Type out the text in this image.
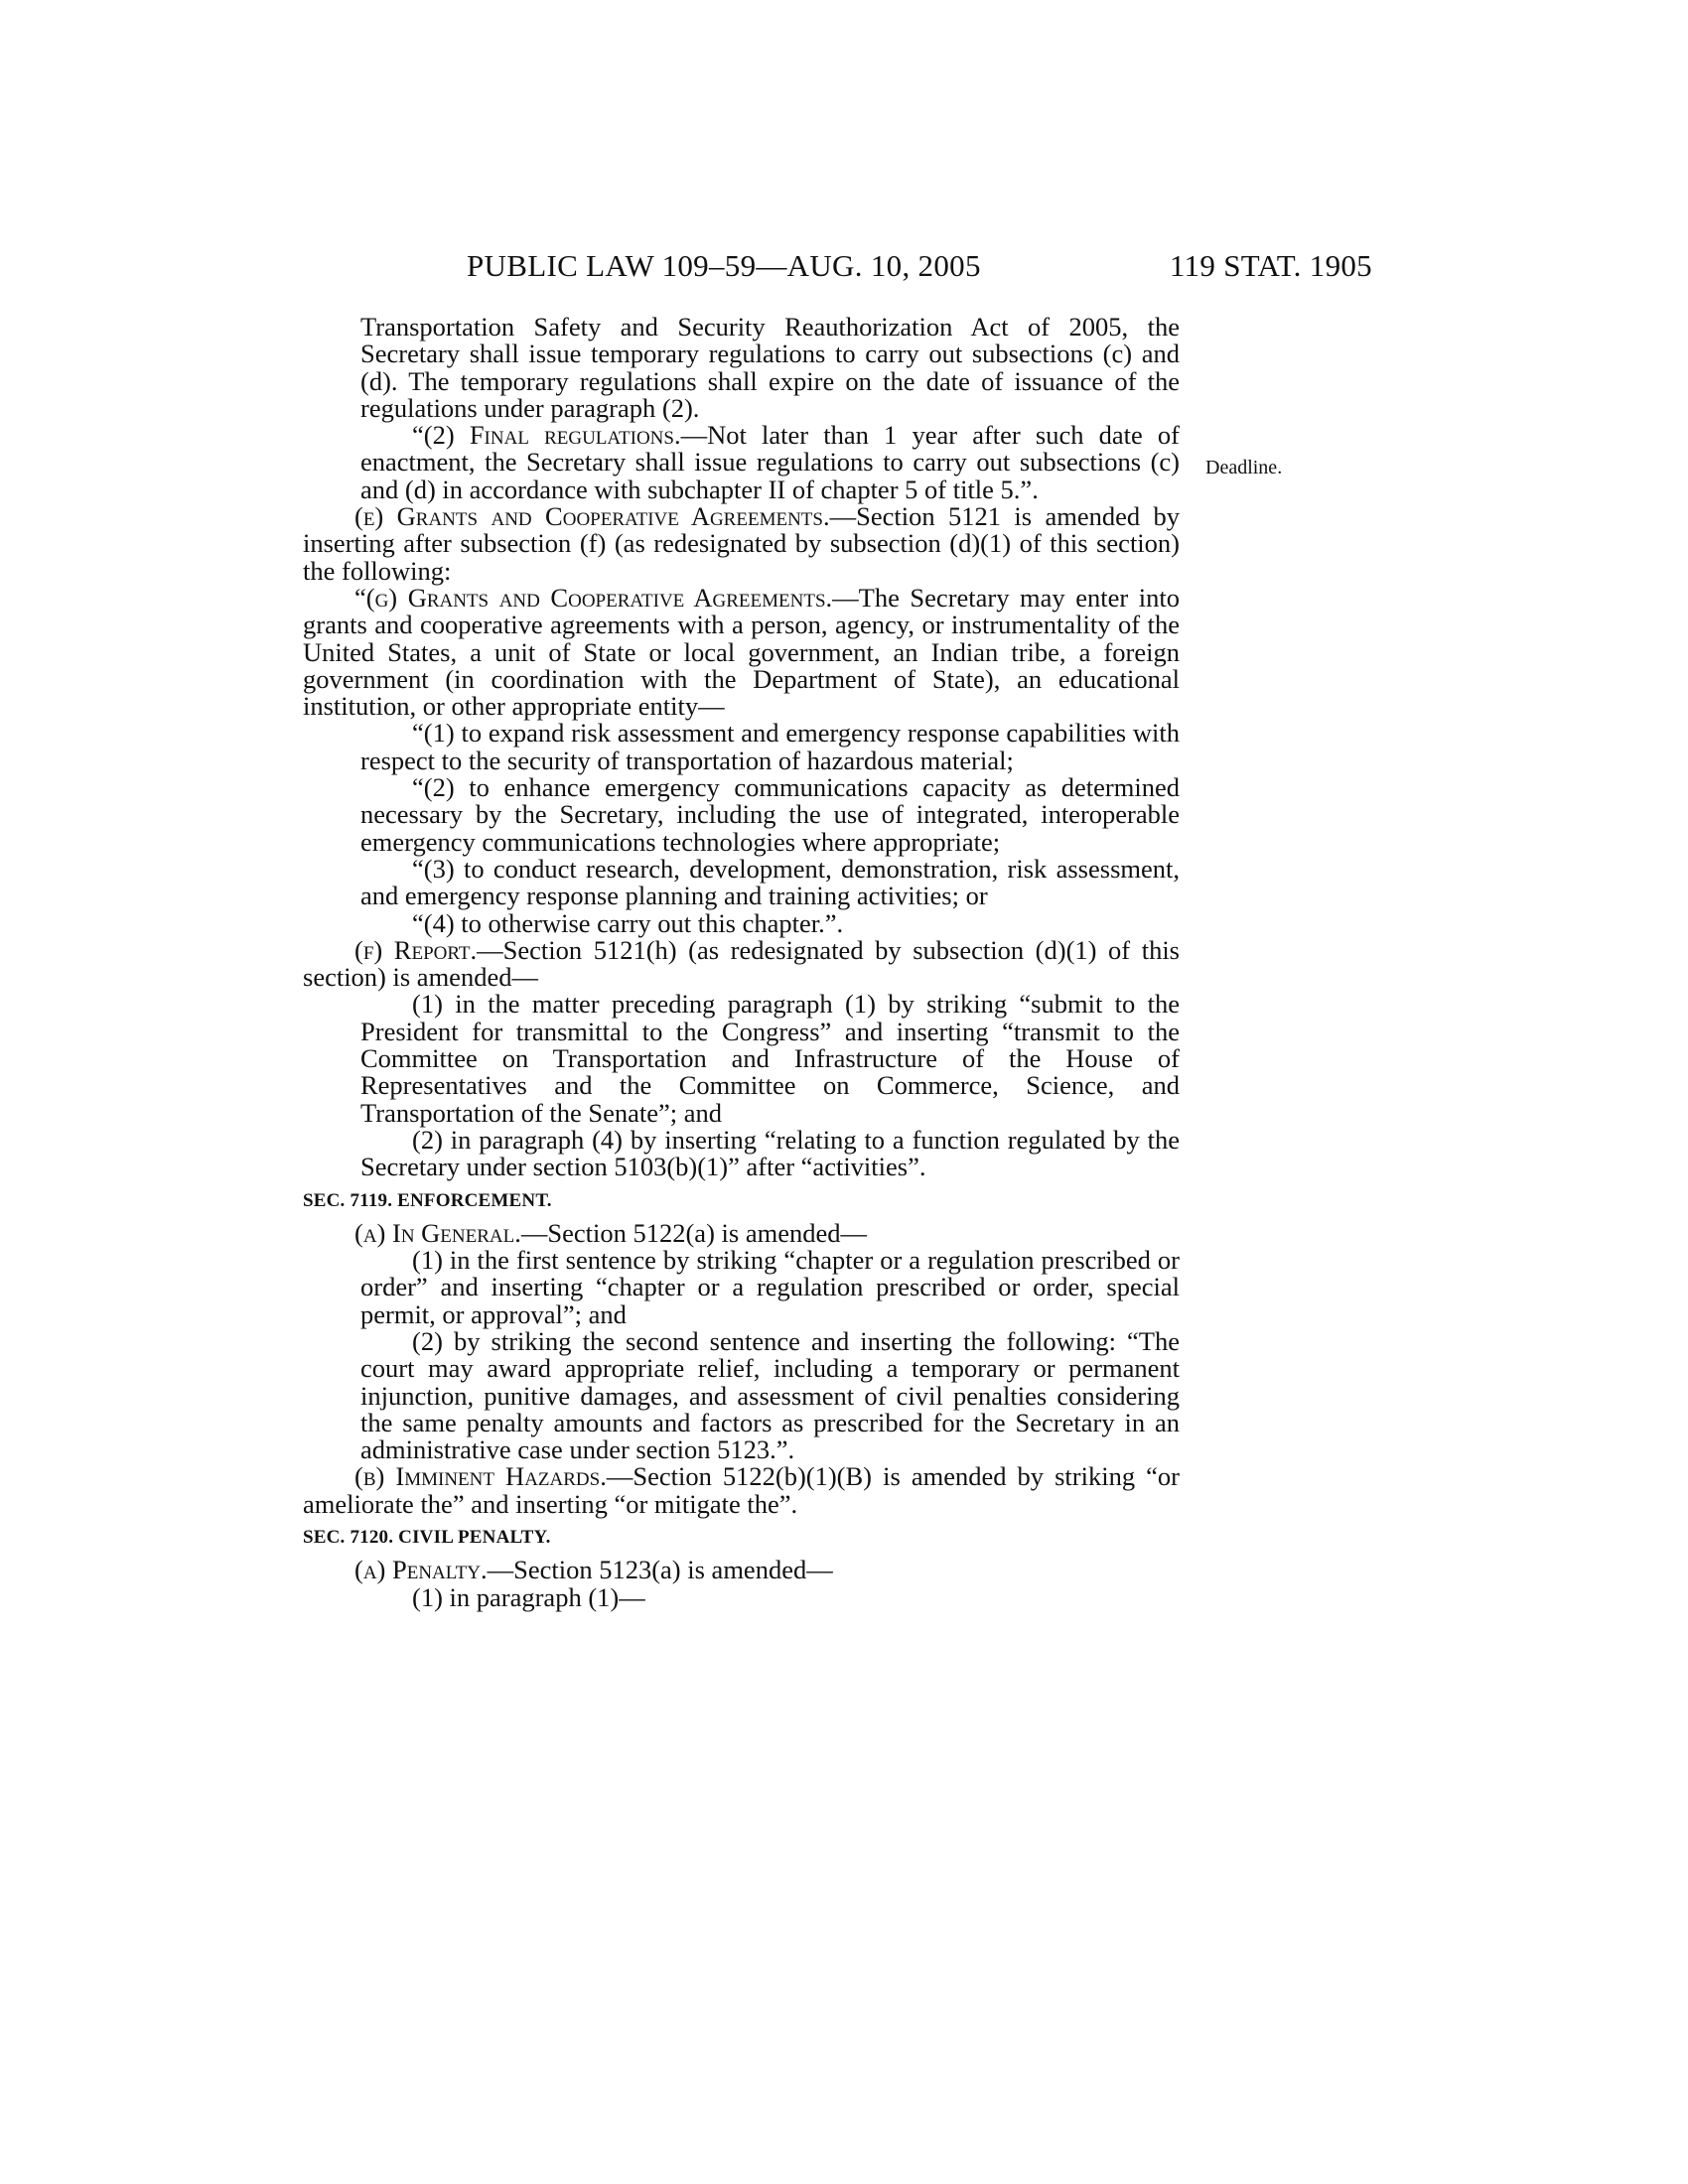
PUBLIC LAW 109–59—AUG. 10, 2005	119 STAT. 1905
Deadline.

Transportation Safety and Security Reauthorization Act of 2005, the Secretary shall issue temporary regulations to carry out subsections (c) and (d). The temporary regulations shall expire on the date of issuance of the regulations under paragraph (2).

“(2) Final regulations.—Not later than 1 year after such date of enactment, the Secretary shall issue regulations to carry out subsections (c) and (d) in accordance with subchapter II of chapter 5 of title 5.”.

(e) Grants and Cooperative Agreements.—Section 5121 is amended by inserting after subsection (f) (as redesignated by subsection (d)(1) of this section) the following:

“(g) Grants and Cooperative Agreements.—The Secretary may enter into grants and cooperative agreements with a person, agency, or instrumentality of the United States, a unit of State or local government, an Indian tribe, a foreign government (in coordination with the Department of State), an educational institution, or other appropriate entity—

“(1) to expand risk assessment and emergency response capabilities with respect to the security of transportation of hazardous material;

“(2) to enhance emergency communications capacity as determined necessary by the Secretary, including the use of integrated, interoperable emergency communications technologies where appropriate;

“(3) to conduct research, development, demonstration, risk assessment, and emergency response planning and training activities; or

“(4) to otherwise carry out this chapter.”.

(f) Report.—Section 5121(h) (as redesignated by subsection (d)(1) of this section) is amended—

(1) in the matter preceding paragraph (1) by striking “submit to the President for transmittal to the Congress” and inserting “transmit to the Committee on Transportation and Infrastructure of the House of Representatives and the Committee on Commerce, Science, and Transportation of the Senate”; and

(2) in paragraph (4) by inserting “relating to a function regulated by the Secretary under section 5103(b)(1)” after “activities”.

SEC. 7119. ENFORCEMENT.

(a) In General.—Section 5122(a) is amended—

(1) in the first sentence by striking “chapter or a regulation prescribed or order” and inserting “chapter or a regulation prescribed or order, special permit, or approval”; and

(2) by striking the second sentence and inserting the following: “The court may award appropriate relief, including a temporary or permanent injunction, punitive damages, and assessment of civil penalties considering the same penalty amounts and factors as prescribed for the Secretary in an administrative case under section 5123.”.

(b) Imminent Hazards.—Section 5122(b)(1)(B) is amended by striking “or ameliorate the” and inserting “or mitigate the”.

SEC. 7120. CIVIL PENALTY.

(a) Penalty.—Section 5123(a) is amended—

(1) in paragraph (1)—
